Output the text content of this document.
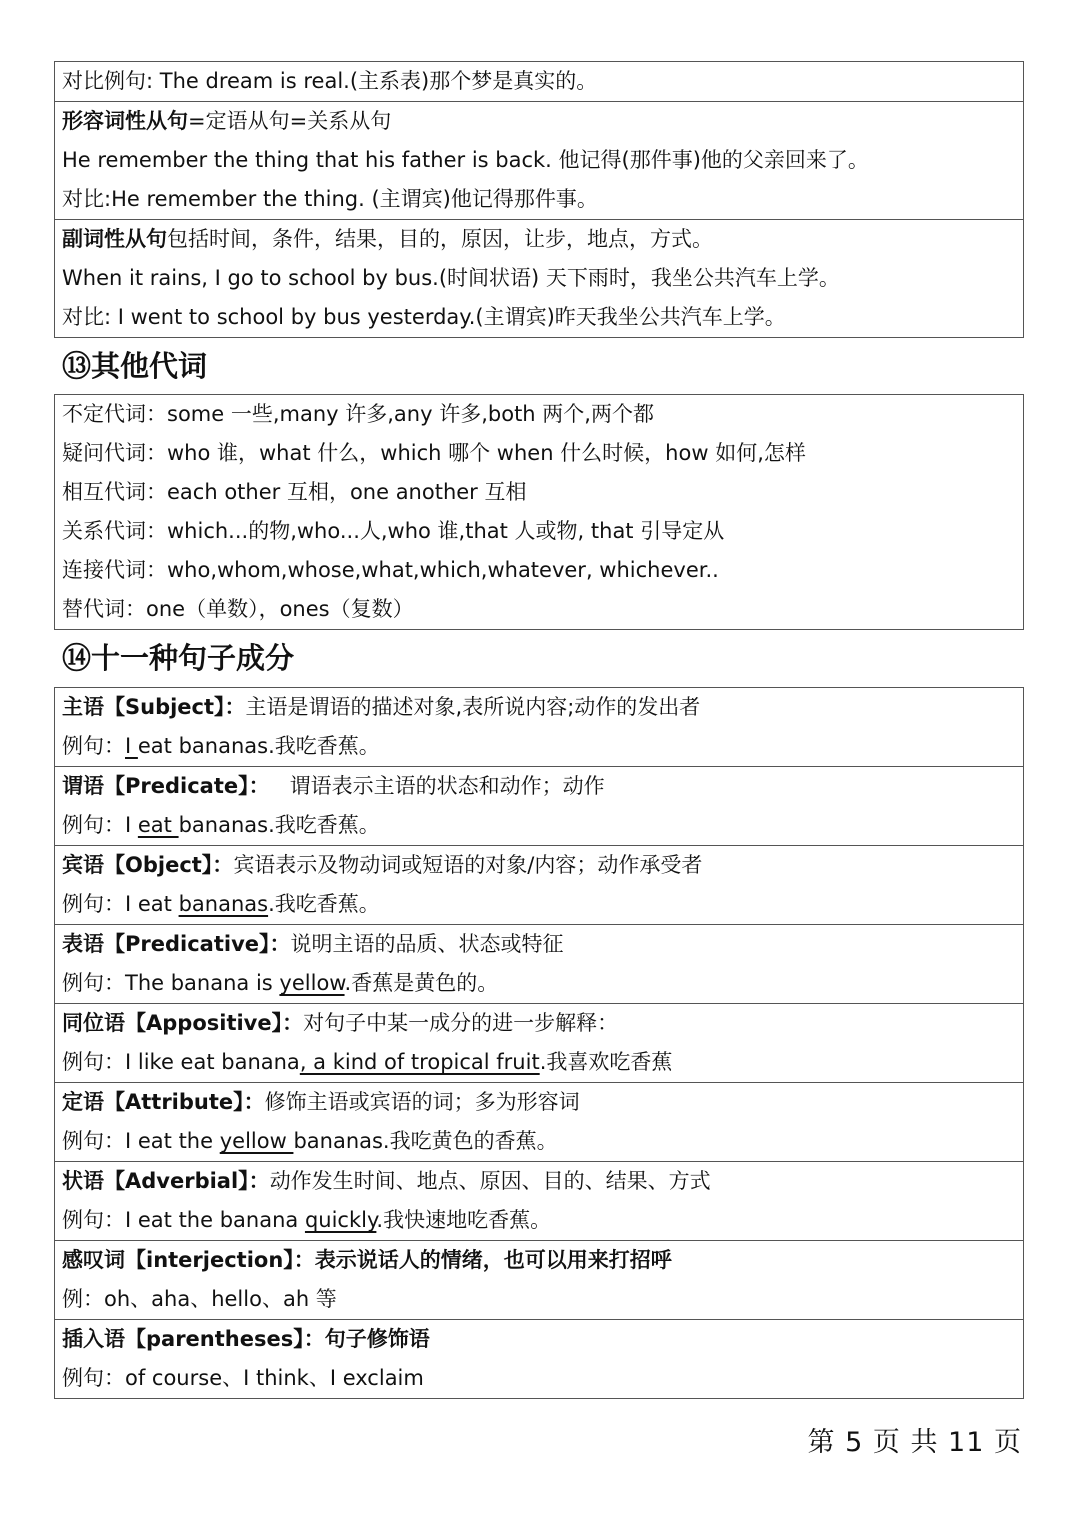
对比例句: The dream is real.(主系表)那个梦是真实的。
形容词性从句=定语从句=关系从句
He remember the thing that his father is back. 他记得(那件事)他的父亲回来了。
对比:He remember the thing. (主谓宾)他记得那件事。
副词性从句包括时间，条件，结果，目的，原因，让步，地点，方式。
When it rains, I go to school by bus.(时间状语) 天下雨时，我坐公共汽车上学。
对比: I went to school by bus yesterday.(主谓宾)昨天我坐公共汽车上学。
⑬其他代词
不定代词：some 一些,many 许多,any 许多,both 两个,两个都
疑问代词：who 谁，what 什么，which 哪个 when 什么时候，how 如何,怎样
相互代词：each other 互相，one another 互相
关系代词：which...的物,who...人,who 谁,that 人或物, that 引导定从
连接代词：who,whom,whose,what,which,whatever, whichever..
替代词：one（单数），ones（复数）
⑭十一种句子成分
主语【Subject】：主语是谓语的描述对象,表所说内容;动作的发出者
例句：I eat bananas.我吃香蕉。
谓语【Predicate】：   谓语表示主语的状态和动作；动作
例句：I eat bananas.我吃香蕉。
宾语【Object】：宾语表示及物动词或短语的对象/内容；动作承受者
例句：I eat bananas.我吃香蕉。
表语【Predicative】：说明主语的品质、状态或特征
例句：The banana is yellow.香蕉是黄色的。
同位语【Appositive】：对句子中某一成分的进一步解释：
例句：I like eat banana, a kind of tropical fruit.我喜欢吃香蕉
定语【Attribute】：修饰主语或宾语的词；多为形容词
例句：I eat the yellow bananas.我吃黄色的香蕉。
状语【Adverbial】：动作发生时间、地点、原因、目的、结果、方式
例句：I eat the banana quickly.我快速地吃香蕉。
感叹词【interjection】：表示说话人的情绪，也可以用来打招呼
例：oh、aha、hello、ah 等
插入语【parentheses】：句子修饰语
例句：of course、I think、I exclaim
第 5 页 共 11 页
